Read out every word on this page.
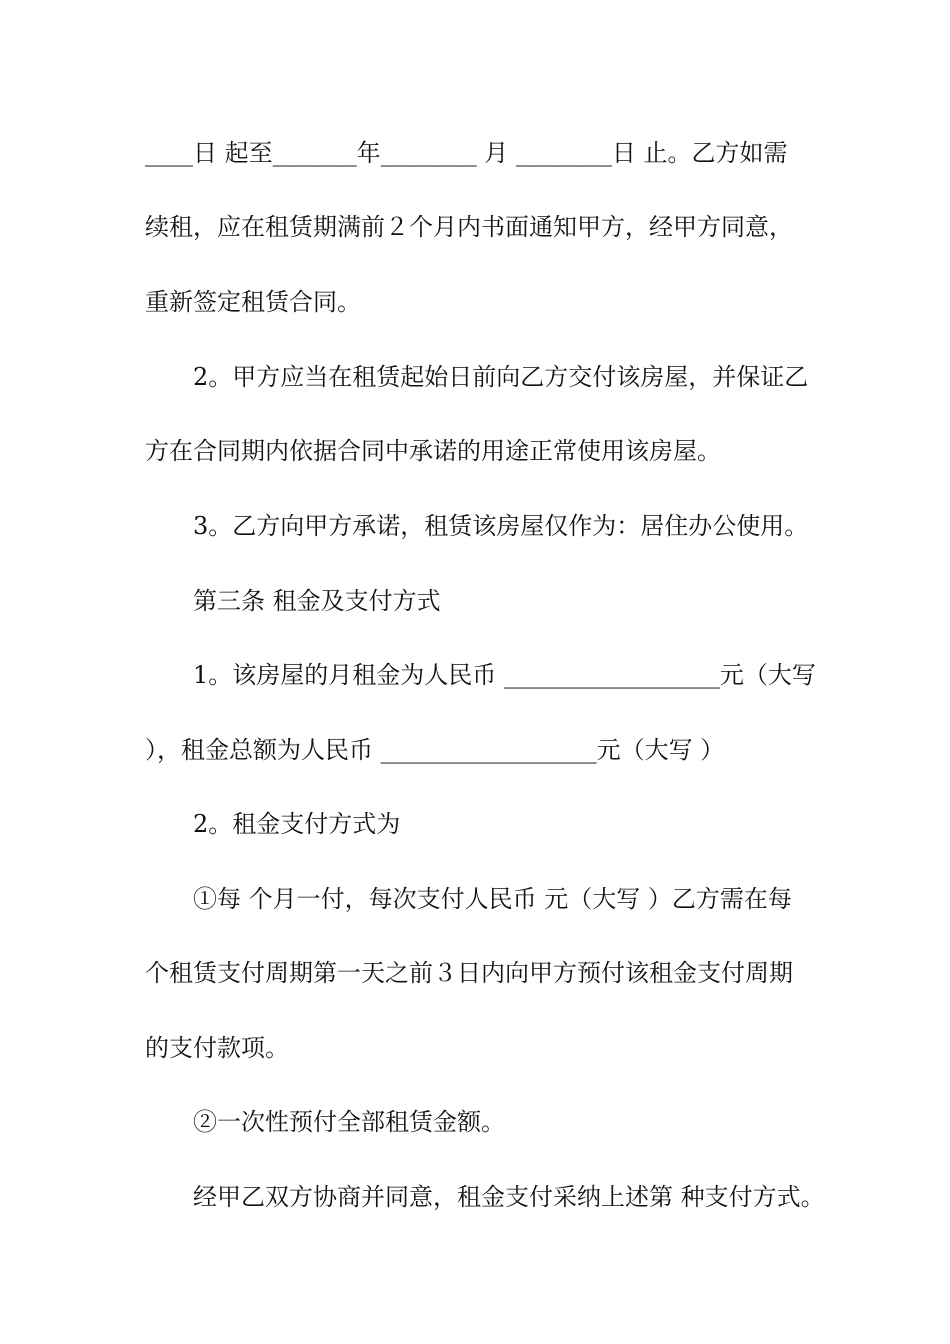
____日 起至_______年________ 月 ________日 止。乙方如需
续租，应在租赁期满前２个月内书面通知甲方，经甲方同意，
重新签定租赁合同。
2。甲方应当在租赁起始日前向乙方交付该房屋，并保证乙
方在合同期内依据合同中承诺的用途正常使用该房屋。
3。乙方向甲方承诺，租赁该房屋仅作为：居住办公使用。
第三条 租金及支付方式
1。该房屋的月租金为人民币 __________________元（大写
），租金总额为人民币 __________________元（大写 ）
2。租金支付方式为
①每 个月一付，每次支付人民币 元（大写 ）乙方需在每
个租赁支付周期第一天之前３日内向甲方预付该租金支付周期
的支付款项。
②一次性预付全部租赁金额。
经甲乙双方协商并同意，租金支付采纳上述第 种支付方式。
